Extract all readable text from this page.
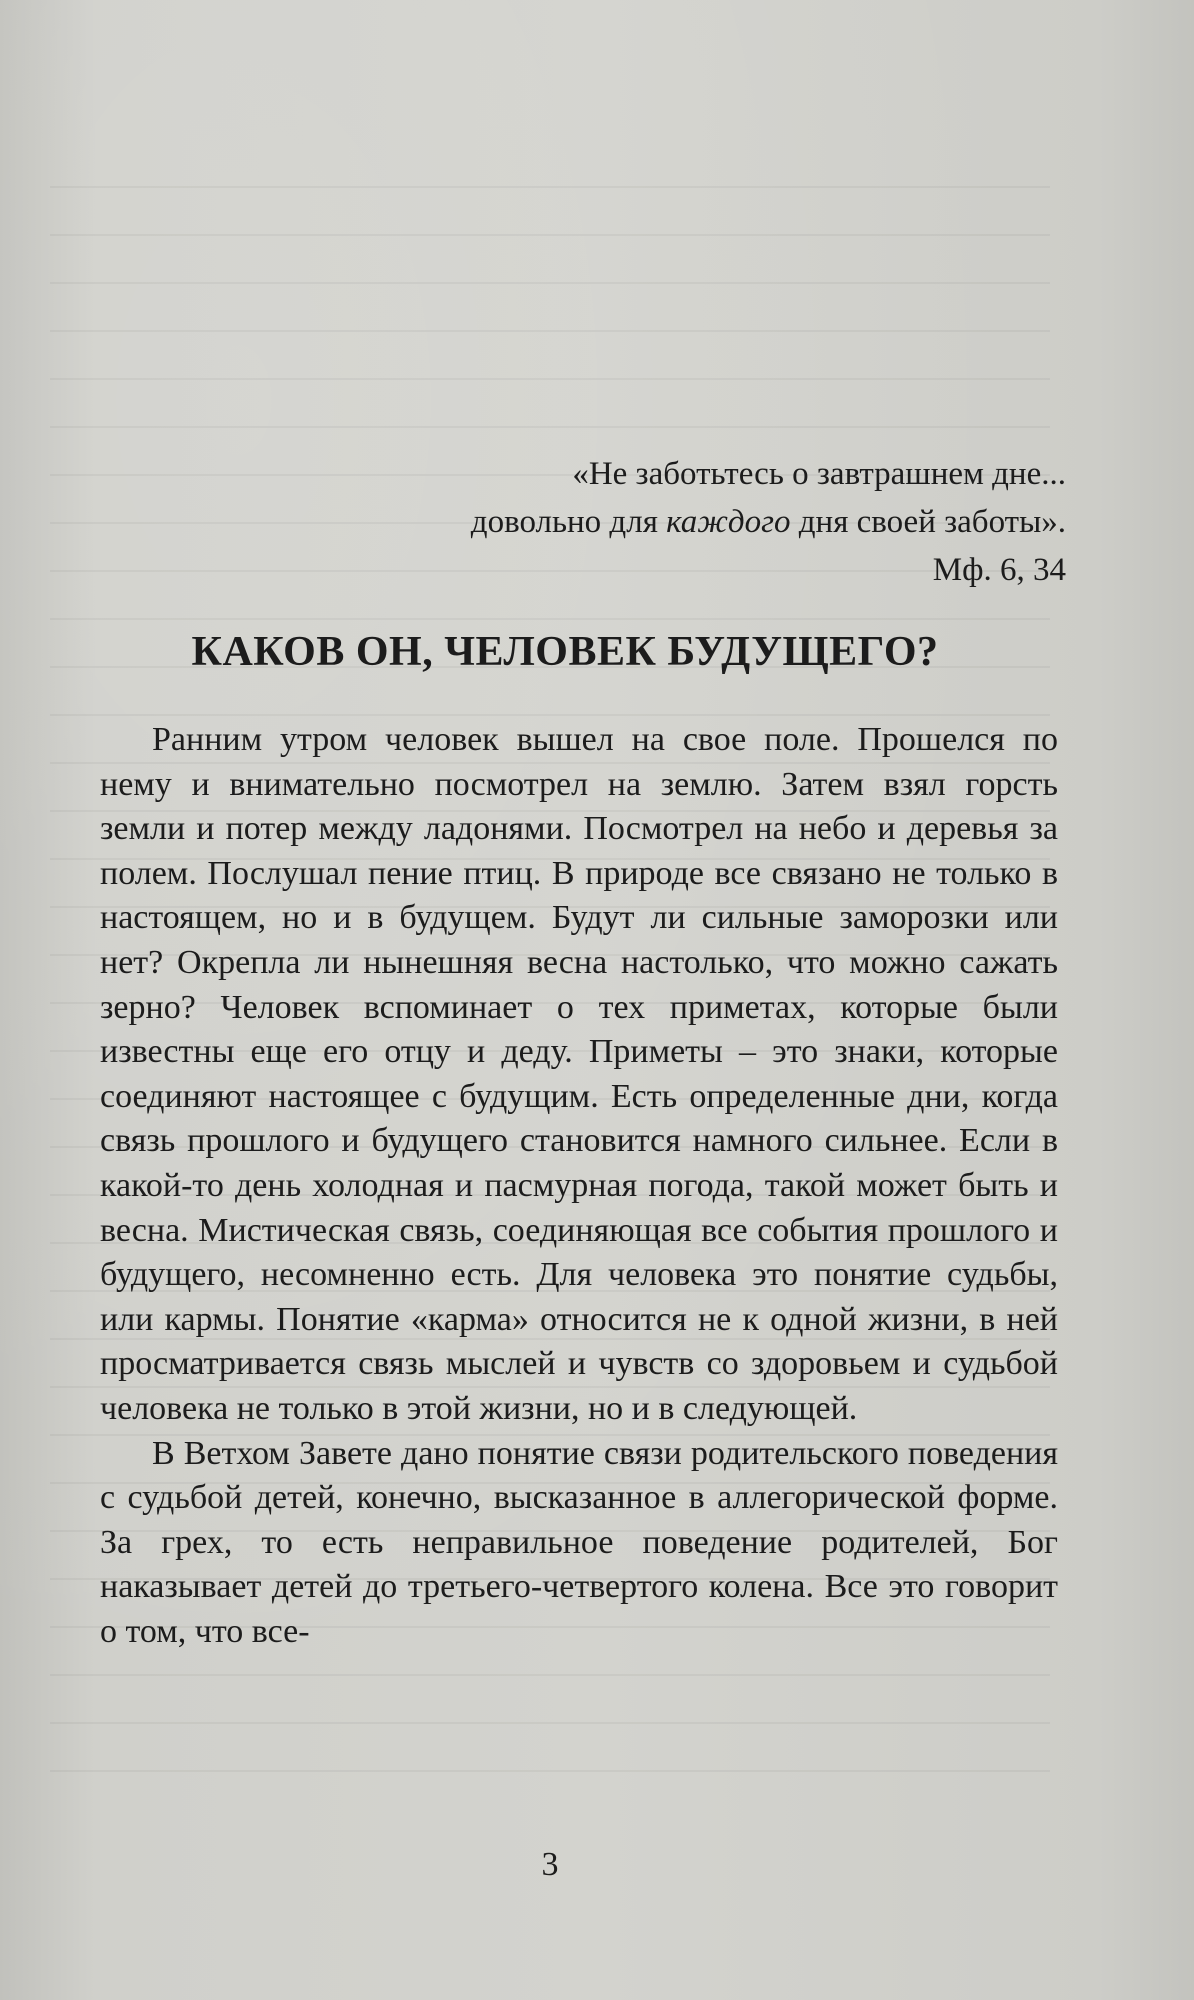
«Не заботьтесь о завтрашнем дне...
довольно для каждого дня своей заботы».
Мф. 6, 34
КАКОВ ОН, ЧЕЛОВЕК БУДУЩЕГО?

Ранним утром человек вышел на свое поле. Прошелся по нему и внимательно посмотрел на землю. Затем взял горсть земли и потер между ладонями. Посмотрел на небо и деревья за полем. Послушал пение птиц. В природе все связано не только в настоящем, но и в будущем. Будут ли сильные заморозки или нет? Окрепла ли нынешняя весна настолько, что можно сажать зерно? Человек вспоминает о тех приметах, которые были известны еще его отцу и деду. Приметы – это знаки, которые соединяют настоящее с будущим. Есть определенные дни, когда связь прошлого и будущего становится намного сильнее. Если в какой-то день холодная и пасмурная погода, такой может быть и весна. Мистическая связь, соединяющая все события прошлого и будущего, несомненно есть. Для человека это понятие судьбы, или кармы. Понятие «карма» относится не к одной жизни, в ней просматривается связь мыслей и чувств со здоровьем и судьбой человека не только в этой жизни, но и в следующей.

В Ветхом Завете дано понятие связи родительского поведения с судьбой детей, конечно, высказанное в аллегорической форме. За грех, то есть неправильное поведение родителей, Бог наказывает детей до третьего-четвертого колена. Все это говорит о том, что все-

3
